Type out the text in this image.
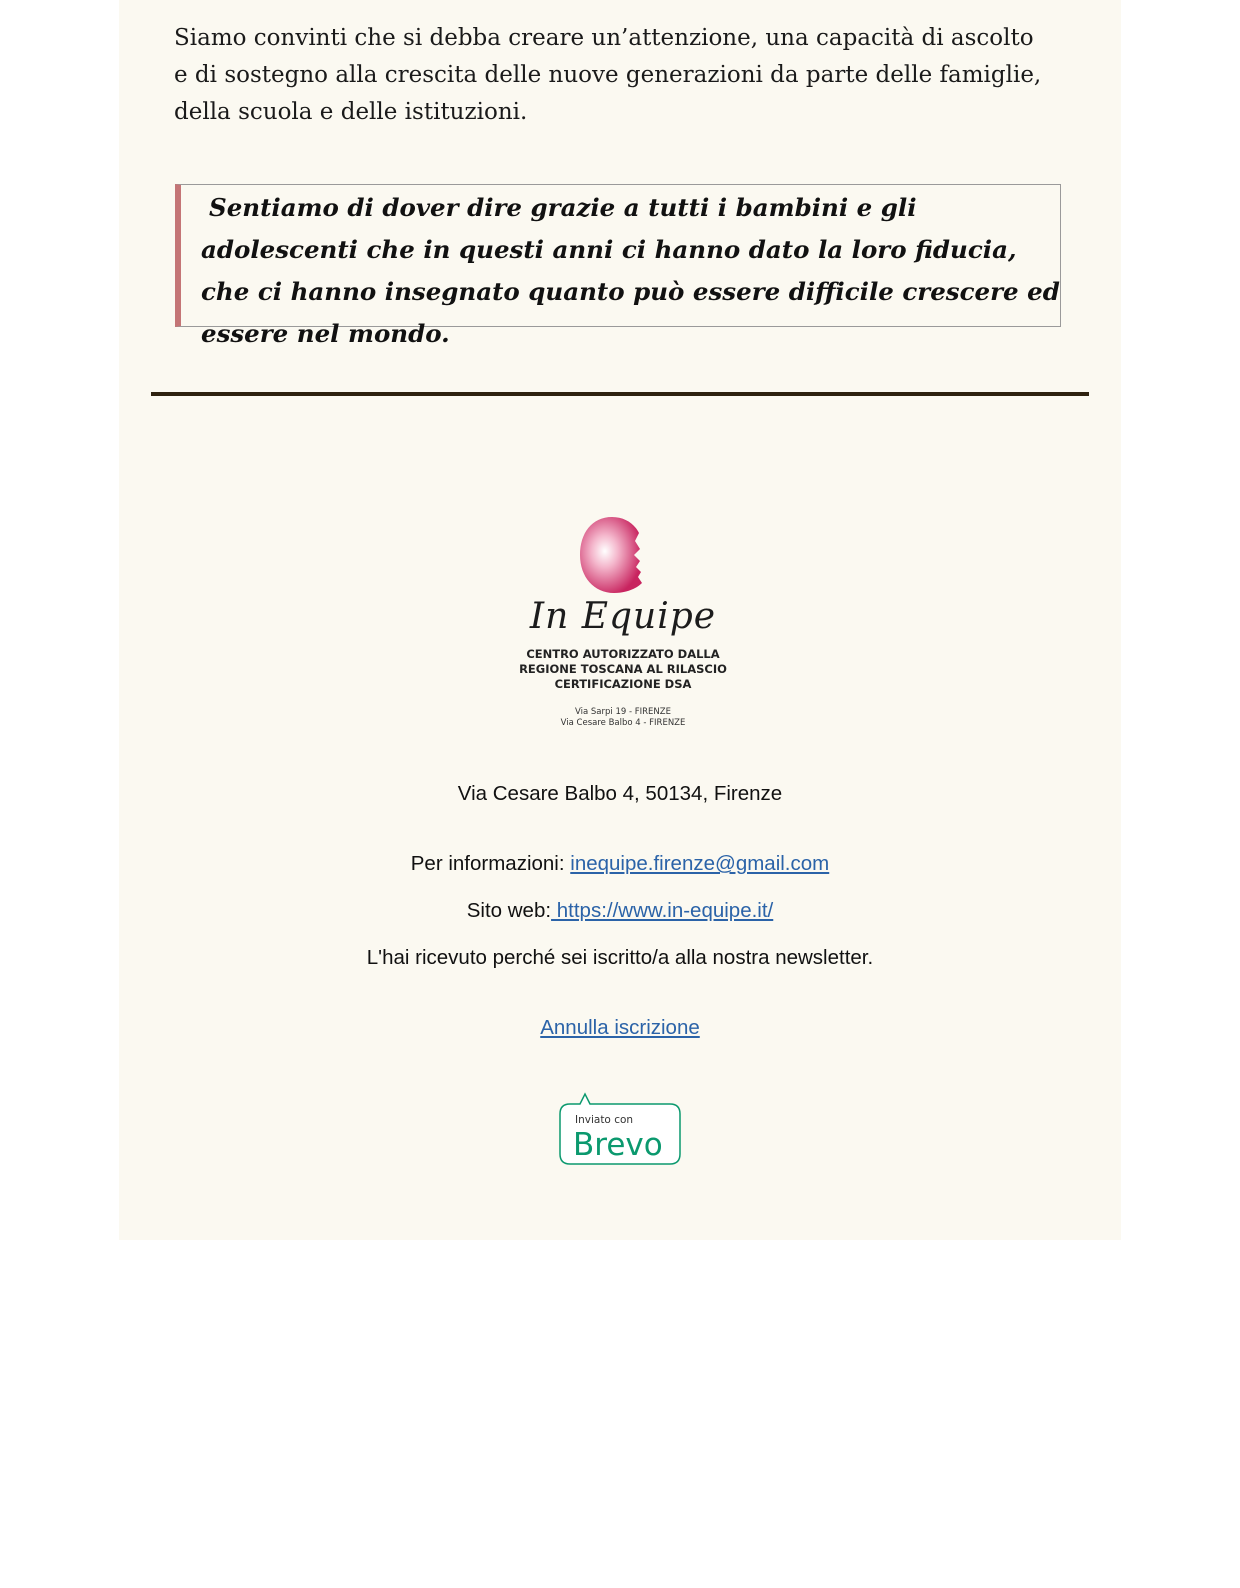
Siamo convinti che si debba creare un’attenzione, una capacità di ascolto e di sostegno alla crescita delle nuove generazioni da parte delle famiglie, della scuola e delle istituzioni.

Sentiamo di dover dire grazie a tutti i bambini e gli adolescenti che in questi anni ci hanno dato la loro fiducia, che ci hanno insegnato quanto può essere difficile crescere ed essere nel mondo.

In Equipe
CENTRO AUTORIZZATO DALLA
REGIONE TOSCANA AL RILASCIO
CERTIFICAZIONE DSA
Via Sarpi 19 - FIRENZE
Via Cesare Balbo 4 - FIRENZE

Via Cesare Balbo 4, 50134, Firenze

Per informazioni: inequipe.firenze@gmail.com

Sito web: https://www.in-equipe.it/

L'hai ricevuto perché sei iscritto/a alla nostra newsletter.

Annulla iscrizione

Inviato con
Brevo
